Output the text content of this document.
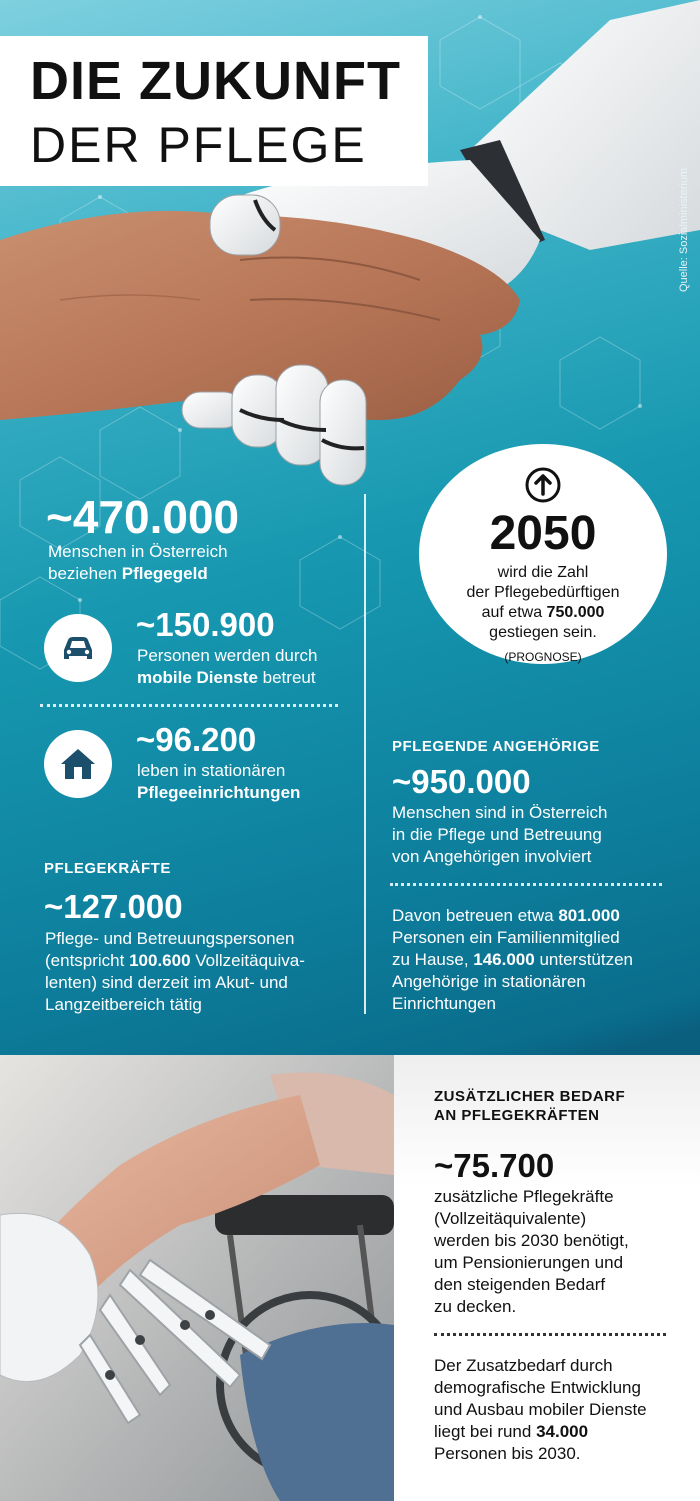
DIE ZUKUNFT
DER PFLEGE
Quelle: Sozialministerium
~470.000
Menschen in Österreich
beziehen Pflegegeld
~150.900
Personen werden durch
mobile Dienste betreut
~96.200
leben in stationären
Pflegeeinrichtungen
PFLEGEKRÄFTE
~127.000
Pflege- und Betreuungspersonen
(entspricht 100.600 Vollzeitäquiva-
lenten) sind derzeit im Akut- und
Langzeitbereich tätig
2050
wird die Zahl
der Pflegebedürftigen
auf etwa 750.000
gestiegen sein.
(PROGNOSE)
PFLEGENDE ANGEHÖRIGE
~950.000
Menschen sind in Österreich
in die Pflege und Betreuung
von Angehörigen involviert
Davon betreuen etwa 801.000
Personen ein Familienmitglied
zu Hause, 146.000 unterstützen
Angehörige in stationären
Einrichtungen
ZUSÄTZLICHER BEDARF
AN PFLEGEKRÄFTEN
~75.700
zusätzliche Pflegekräfte
(Vollzeitäquivalente)
werden bis 2030 benötigt,
um Pensionierungen und
den steigenden Bedarf
zu decken.
Der Zusatzbedarf durch
demografische Entwicklung
und Ausbau mobiler Dienste
liegt bei rund 34.000
Personen bis 2030.
